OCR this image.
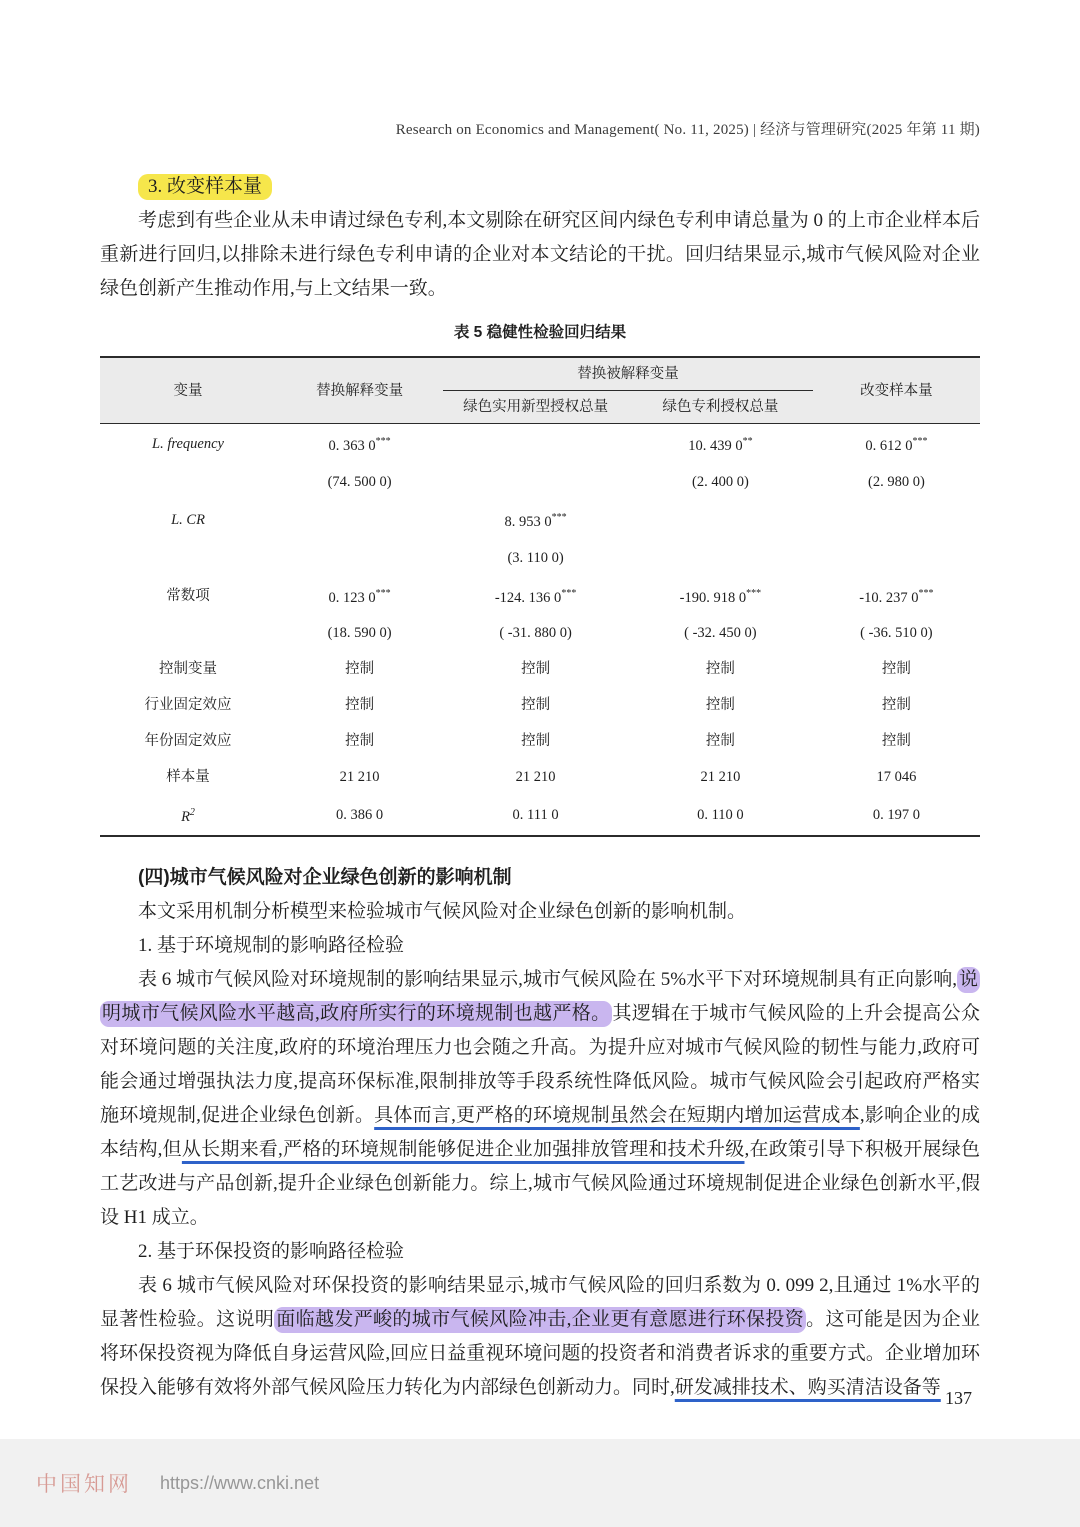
Research on Economics and Management( No. 11, 2025) | 经济与管理研究(2025 年第 11 期)
3. 改变样本量

考虑到有些企业从未申请过绿色专利,本文剔除在研究区间内绿色专利申请总量为 0 的上市企业样本后重新进行回归,以排除未进行绿色专利申请的企业对本文结论的干扰。回归结果显示,城市气候风险对企业绿色创新产生推动作用,与上文结果一致。

表 5 稳健性检验回归结果
变量	替换解释变量	替换被解释变量		改变样本量
		绿色实用新型授权总量	绿色专利授权总量	
L. frequency	0. 363 0***		10. 439 0**	0. 612 0***
	(74. 500 0)		(2. 400 0)	(2. 980 0)
L. CR		8. 953 0***		
		(3. 110 0)		
常数项	0. 123 0***	-124. 136 0***	-190. 918 0***	-10. 237 0***
	(18. 590 0)	( -31. 880 0)	( -32. 450 0)	( -36. 510 0)
控制变量	控制	控制	控制	控制
行业固定效应	控制	控制	控制	控制
年份固定效应	控制	控制	控制	控制
样本量	21 210	21 210	21 210	17 046
$R^2$	0. 386 0	0. 111 0	0. 110 0	0. 197 0
(四)城市气候风险对企业绿色创新的影响机制

本文采用机制分析模型来检验城市气候风险对企业绿色创新的影响机制。

1. 基于环境规制的影响路径检验

表 6 城市气候风险对环境规制的影响结果显示,城市气候风险在 5%水平下对环境规制具有正向影响, 说明城市气候风险水平越高,政府所实行的环境规制也越严格。 其逻辑在于城市气候风险的上升会提高公众对环境问题的关注度,政府的环境治理压力也会随之升高。为提升应对城市气候风险的韧性与能力,政府可能会通过增强执法力度,提高环保标准,限制排放等手段系统性降低风险。城市气候风险会引起政府严格实施环境规制,促进企业绿色创新。具体而言,更严格的环境规制虽然会在短期内增加运营成本,影响企业的成本结构,但从长期来看,严格的环境规制能够促进企业加强排放管理和技术升级,在政策引导下积极开展绿色工艺改进与产品创新,提升企业绿色创新能力。综上,城市气候风险通过环境规制促进企业绿色创新水平,假设 H1 成立。

2. 基于环保投资的影响路径检验

表 6 城市气候风险对环保投资的影响结果显示,城市气候风险的回归系数为 0. 099 2,且通过 1%水平的显著性检验。这说明 面临越发严峻的城市气候风险冲击,企业更有意愿进行环保投资 。这可能是因为企业将环保投资视为降低自身运营风险,回应日益重视环境问题的投资者和消费者诉求的重要方式。企业增加环保投入能够有效将外部气候风险压力转化为内部绿色创新动力。同时,研发减排技术、购买清洁设备等 137
中国知网 https://www.cnki.net
